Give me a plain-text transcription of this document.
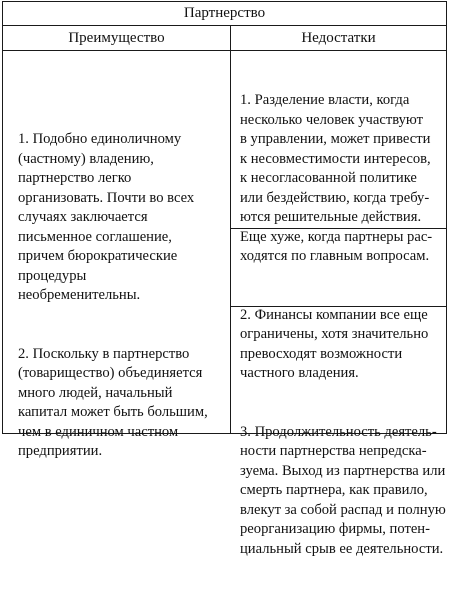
Партнерство
Преимущество	Недостатки

1. Подобно единоличному
(частному) владению,
партнерство легко
организовать. Почти во всех
случаях заключается
письменное соглашение,
причем бюрократические
процедуры
необременительны.

2. Поскольку в партнерство
(товарищество) объединяется
много людей, начальный
капитал может быть большим,
чем в единичном частном
предприятии.

1. Разделение власти, когда
несколько человек участвуют
в управлении, может привести
к несовместимости интересов,
к несогласованной политике
или бездействию, когда требу-
ются решительные действия.
Еще хуже, когда партнеры рас-
ходятся по главным вопросам.

2. Финансы компании все еще
ограничены, хотя значительно
превосходят возможности
частного владения.

3. Продолжительность деятель-
ности партнерства непредска-
зуема. Выход из партнерства или
смерть партнера, как правило,
влекут за собой распад и полную
реорганизацию фирмы, потен-
циальный срыв ее деятельности.
